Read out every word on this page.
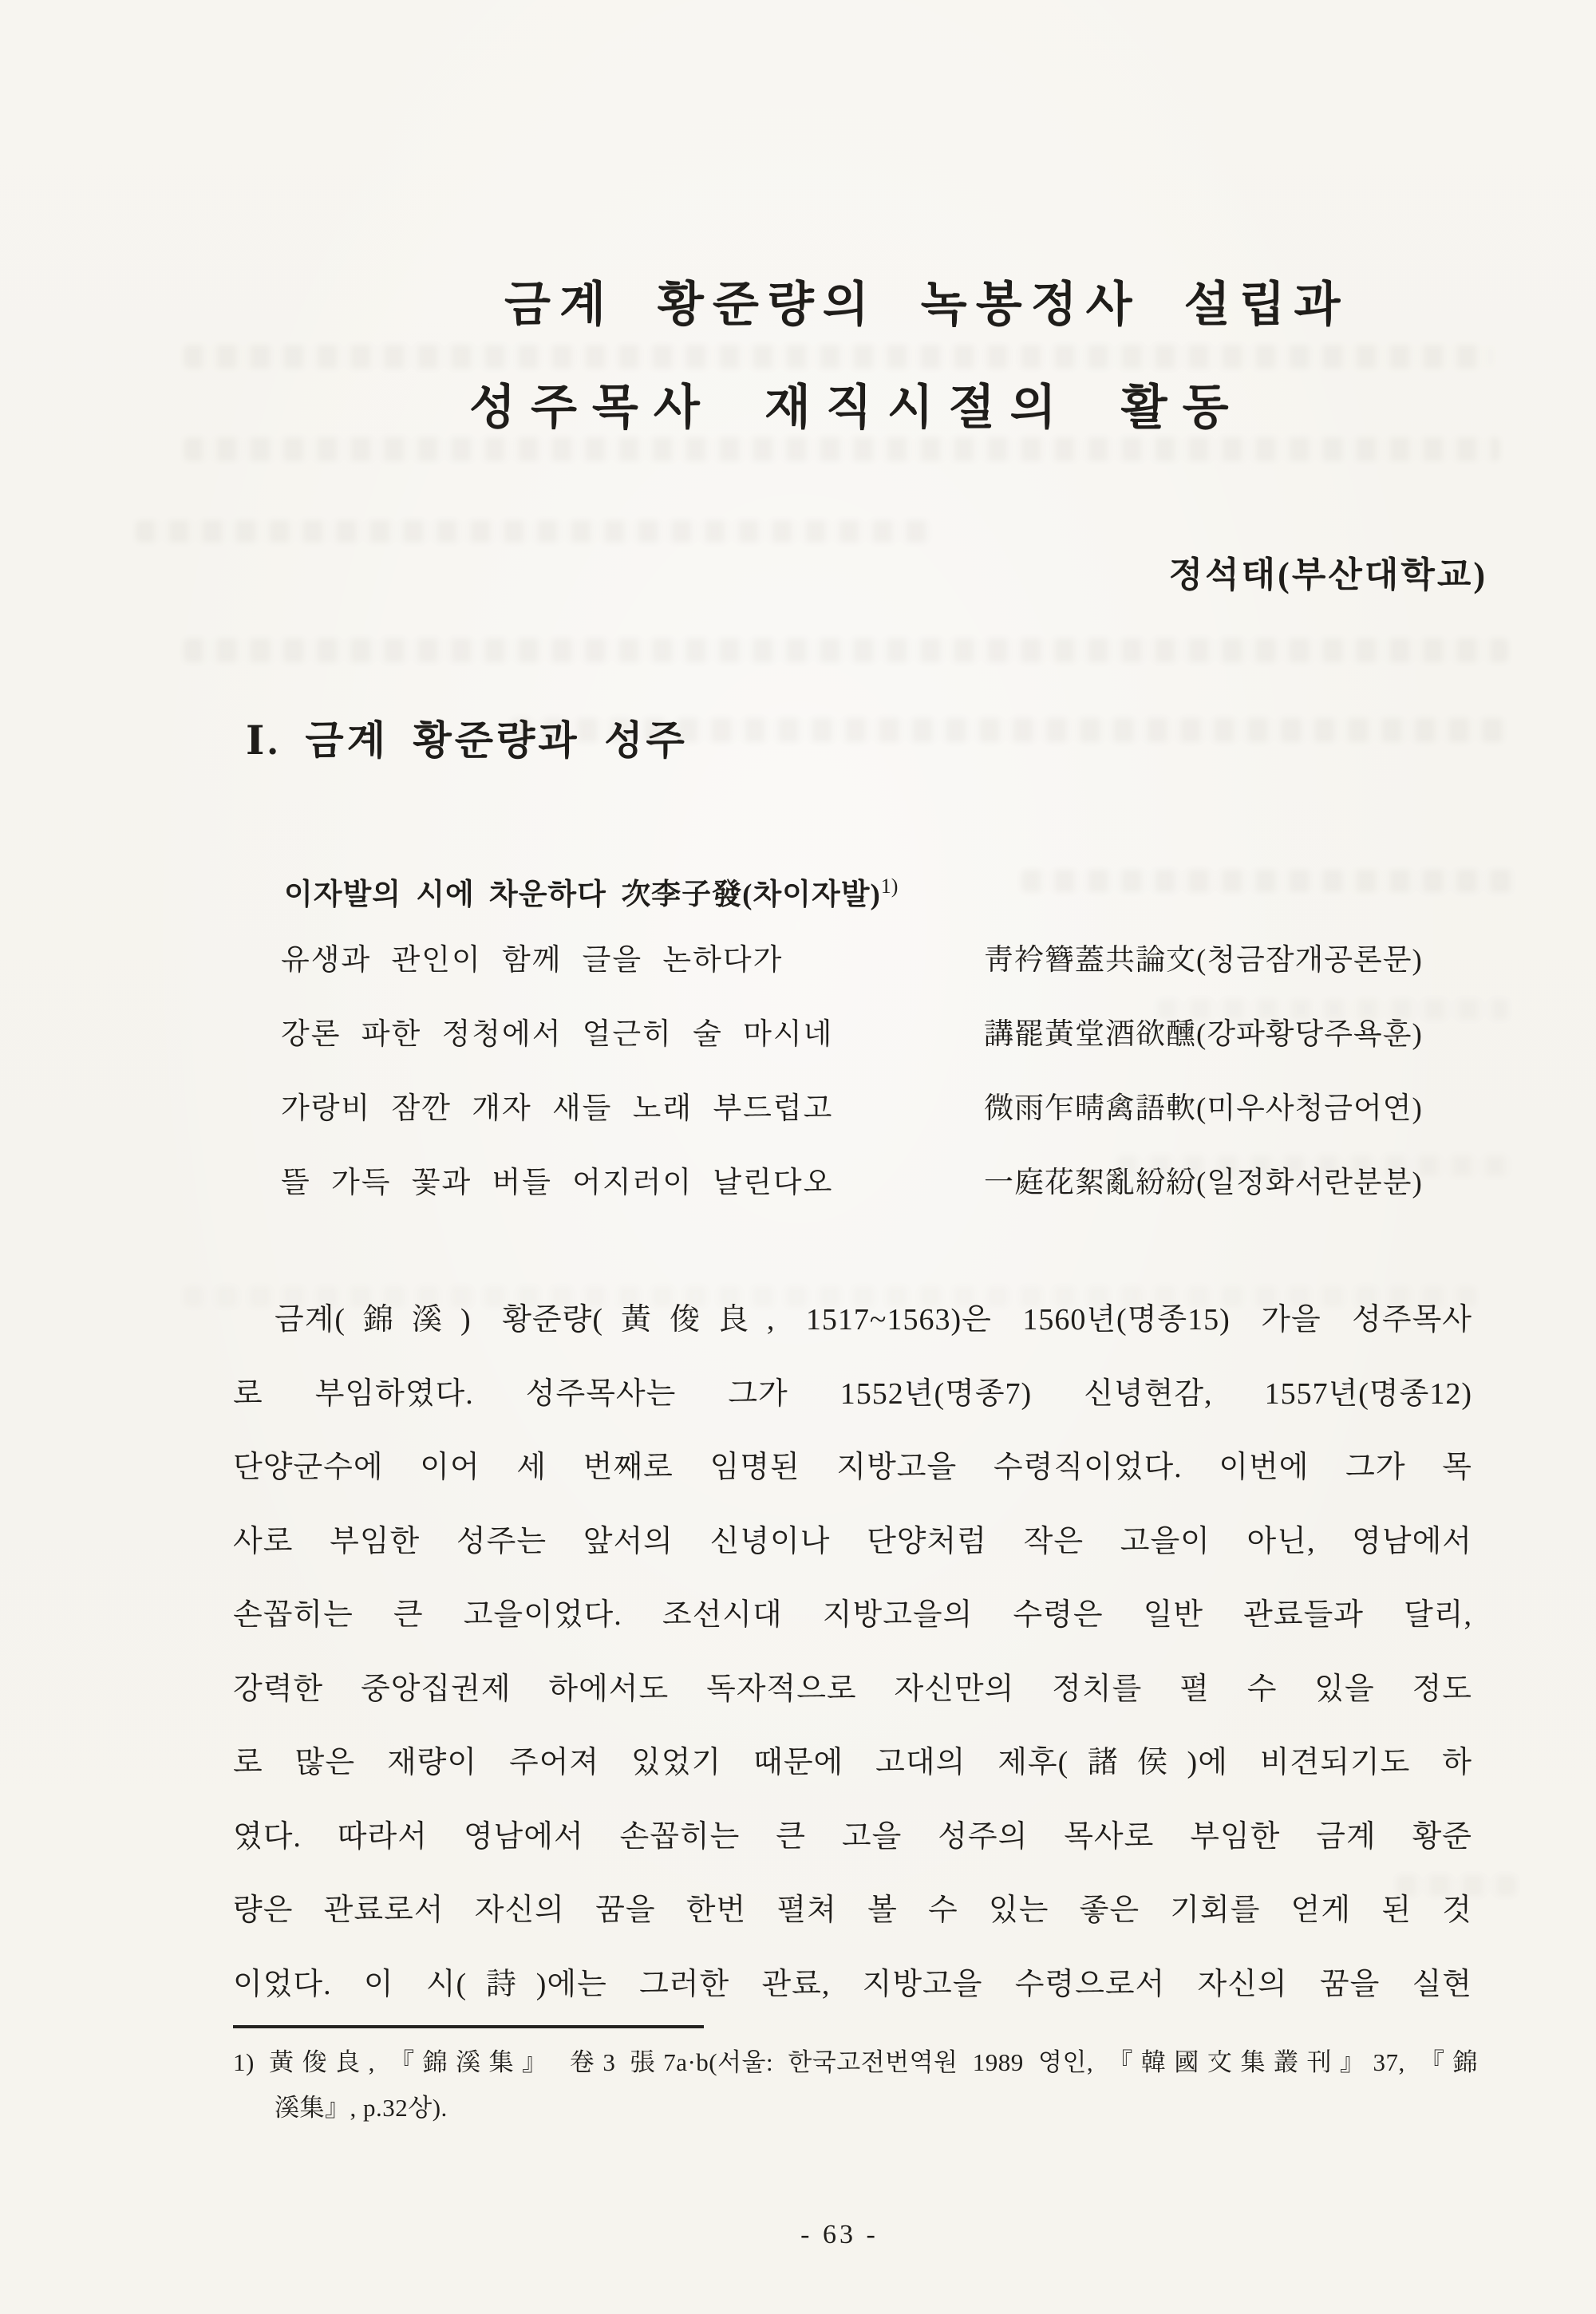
금계 황준량의 녹봉정사 설립과
성주목사 재직시절의 활동
정석태(부산대학교)
Ⅰ. 금계 황준량과 성주
이자발의 시에 차운하다 次李子發(차이자발)$^{1)}$
유생과 관인이 함께 글을 논하다가	靑衿簪蓋共論文(청금잠개공론문)
강론 파한 정청에서 얼근히 술 마시네	講罷黃堂酒欲醺(강파황당주욕훈)
가랑비 잠깐 개자 새들 노래 부드럽고	微雨乍晴禽語軟(미우사청금어연)
뜰 가득 꽃과 버들 어지러이 날린다오	一庭花絮亂紛紛(일정화서란분분)
금계(錦溪) 황준량(黃俊良, 1517~1563)은 1560년(명종15) 가을 성주목사
로 부임하였다. 성주목사는 그가 1552년(명종7) 신녕현감, 1557년(명종12)
단양군수에 이어 세 번째로 임명된 지방고을 수령직이었다. 이번에 그가 목
사로 부임한 성주는 앞서의 신녕이나 단양처럼 작은 고을이 아닌, 영남에서
손꼽히는 큰 고을이었다. 조선시대 지방고을의 수령은 일반 관료들과 달리,
강력한 중앙집권제 하에서도 독자적으로 자신만의 정치를 펼 수 있을 정도
로 많은 재량이 주어져 있었기 때문에 고대의 제후(諸侯)에 비견되기도 하
였다. 따라서 영남에서 손꼽히는 큰 고을 성주의 목사로 부임한 금계 황준
량은 관료로서 자신의 꿈을 한번 펼쳐 볼 수 있는 좋은 기회를 얻게 된 것
이었다. 이 시(詩)에는 그러한 관료, 지방고을 수령으로서 자신의 꿈을 실현
1) 黃俊良, 『錦溪集』 卷3 張7a·b(서울: 한국고전번역원 1989 영인, 『韓國文集叢刊』37, 『錦
溪集』, p.32상).
- 63 -
